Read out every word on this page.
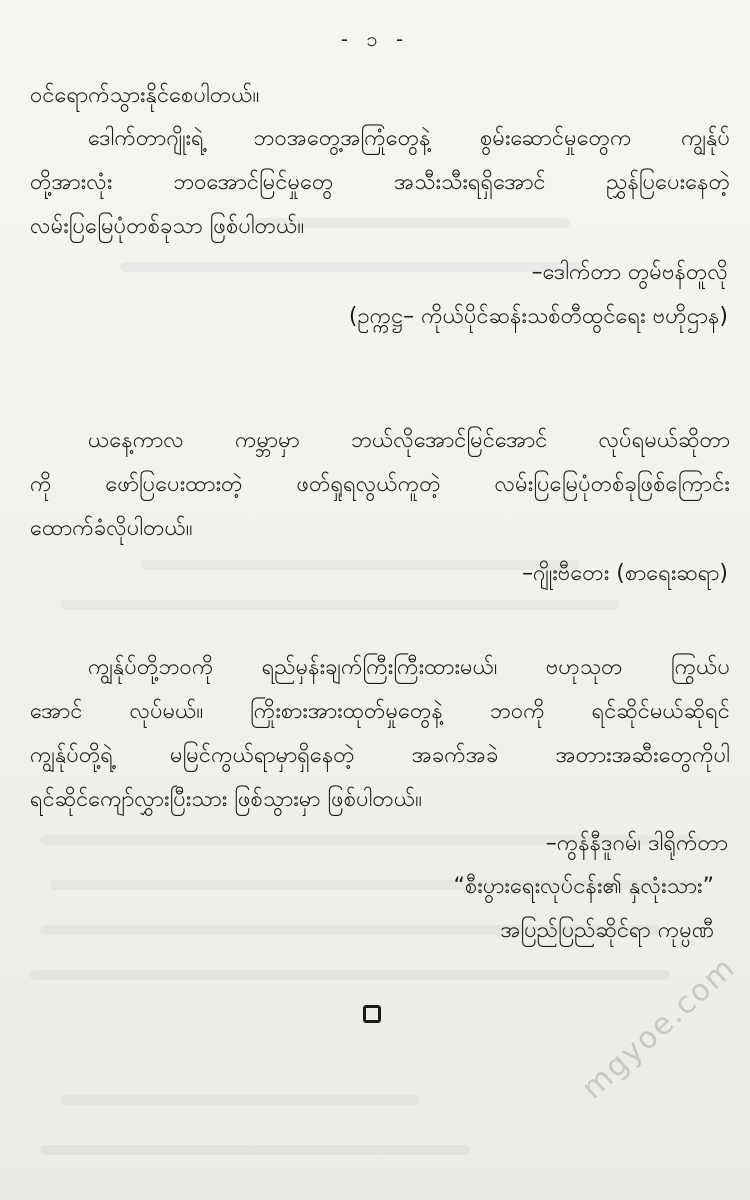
- ၁ -
ဝင်ရောက်သွားနိုင်စေပါတယ်။
ဒေါက်တာဂျိုးရဲ့ ဘဝအတွေ့အကြုံတွေနဲ့ စွမ်းဆောင်မှုတွေက ကျွန်ုပ်
တို့အားလုံး ဘဝအောင်မြင်မှုတွေ အသီးသီးရရှိအောင် ညွှန်ပြပေးနေတဲ့
လမ်းပြမြေပုံတစ်ခုသာ ဖြစ်ပါတယ်။
–ဒေါက်တာ တွမ်ဗန်တူလို
(ဥက္ကဋ္ဌ– ကိုယ်ပိုင်ဆန်းသစ်တီထွင်ရေး ဗဟိုဌာန)
ယနေ့ကာလ ကမ္ဘာမှာ ဘယ်လိုအောင်မြင်အောင် လုပ်ရမယ်ဆိုတာ
ကို ဖော်ပြပေးထားတဲ့ ဖတ်ရှုရလွယ်ကူတဲ့ လမ်းပြမြေပုံတစ်ခုဖြစ်ကြောင်း
ထောက်ခံလိုပါတယ်။
–ဂျိုးဗီတေး (စာရေးဆရာ)
ကျွန်ုပ်တို့ဘဝကို ရည်မှန်းချက်ကြီးကြီးထားမယ်၊ ဗဟုသုတ ကြွယ်ပ
အောင် လုပ်မယ်။ ကြိုးစားအားထုတ်မှုတွေနဲ့ ဘဝကို ရင်ဆိုင်မယ်ဆိုရင်
ကျွန်ုပ်တို့ရဲ့ မမြင်ကွယ်ရာမှာရှိနေတဲ့ အခက်အခဲ အတားအဆီးတွေကိုပါ
ရင်ဆိုင်ကျော်လွှားပြီးသား ဖြစ်သွားမှာ ဖြစ်ပါတယ်။
–ကွန်နီဒူဂမ်၊ ဒါရိုက်တာ
“စီးပွားရေးလုပ်ငန်း၏ နှလုံးသား”
အပြည်ပြည်ဆိုင်ရာ ကုမ္ပဏီ
mgyoe.com
